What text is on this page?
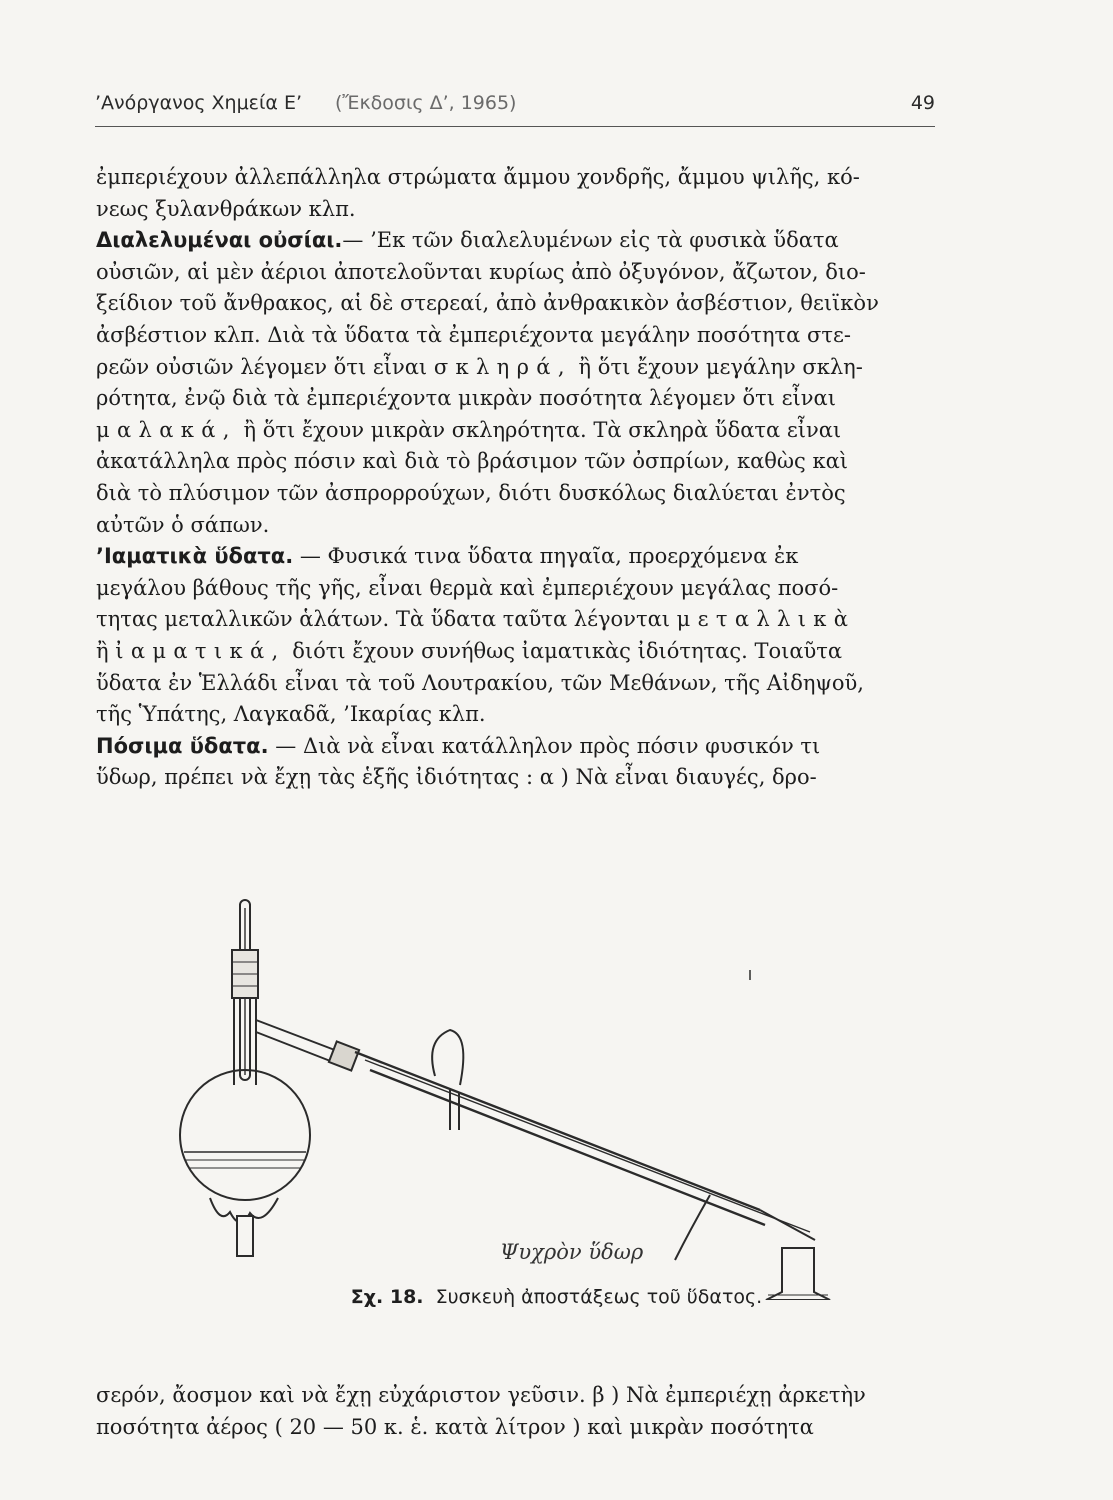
’Ανόργανος Χημεία Ε’ (Ἔκδοσις Δ’, 1965)	49

ἐμπεριέχουν ἀλλεπάλληλα στρώματα ἄμμου χονδρῆς, ἄμμου ψιλῆς, κό-

νεως ξυλανθράκων κλπ.

Διαλελυμέναι οὐσίαι.— ’Εκ τῶν διαλελυμένων εἰς τὰ φυσικὰ ὕδατα

οὐσιῶν, αἱ μὲν ἀέριοι ἀποτελοῦνται κυρίως ἀπὸ ὀξυγόνον, ἄζωτον, διο-

ξείδιον τοῦ ἄνθρακος, αἱ δὲ στερεαί, ἀπὸ ἀνθρακικὸν ἀσβέστιον, θειϊκὸν

ἀσβέστιον κλπ. Διὰ τὰ ὕδατα τὰ ἐμπεριέχοντα μεγάλην ποσότητα στε-

ρεῶν οὐσιῶν λέγομεν ὅτι εἶναι σκληρά, ἢ ὅτι ἔχουν μεγάλην σκλη-

ρότητα, ἐνῷ διὰ τὰ ἐμπεριέχοντα μικρὰν ποσότητα λέγομεν ὅτι εἶναι

μαλακά, ἢ ὅτι ἔχουν μικρὰν σκληρότητα. Τὰ σκληρὰ ὕδατα εἶναι

ἀκατάλληλα πρὸς πόσιν καὶ διὰ τὸ βράσιμον τῶν ὀσπρίων, καθὼς καὶ

διὰ τὸ πλύσιμον τῶν ἀσπρορρούχων, διότι δυσκόλως διαλύεται ἐντὸς

αὐτῶν ὁ σάπων.

’Ιαματικὰ ὕδατα. — Φυσικά τινα ὕδατα πηγαῖα, προερχόμενα ἐκ

μεγάλου βάθους τῆς γῆς, εἶναι θερμὰ καὶ ἐμπεριέχουν μεγάλας ποσό-

τητας μεταλλικῶν ἁλάτων. Τὰ ὕδατα ταῦτα λέγονται μεταλλικὰ

ἢ ἰαματικά, διότι ἔχουν συνήθως ἰαματικὰς ἰδιότητας. Τοιαῦτα

ὕδατα ἐν Ἑλλάδι εἶναι τὰ τοῦ Λουτρακίου, τῶν Μεθάνων, τῆς Αἰδηψοῦ,

τῆς Ὑπάτης, Λαγκαδᾶ, ’Ικαρίας κλπ.

Πόσιμα ὕδατα. — Διὰ νὰ εἶναι κατάλληλον πρὸς πόσιν φυσικόν τι

ὕδωρ, πρέπει νὰ ἔχῃ τὰς ἑξῆς ἰδιότητας : α ) Νὰ εἶναι διαυγές, δρο-

Ψυχρὸν ὕδωρ
Σχ. 18. Συσκευὴ ἀποστάξεως τοῦ ὕδατος.

σερόν, ἄοσμον καὶ νὰ ἔχῃ εὐχάριστον γεῦσιν. β ) Νὰ ἐμπεριέχῃ ἀρκετὴν

ποσότητα ἀέρος ( 20 — 50 κ. ἑ. κατὰ λίτρον ) καὶ μικρὰν ποσότητα
